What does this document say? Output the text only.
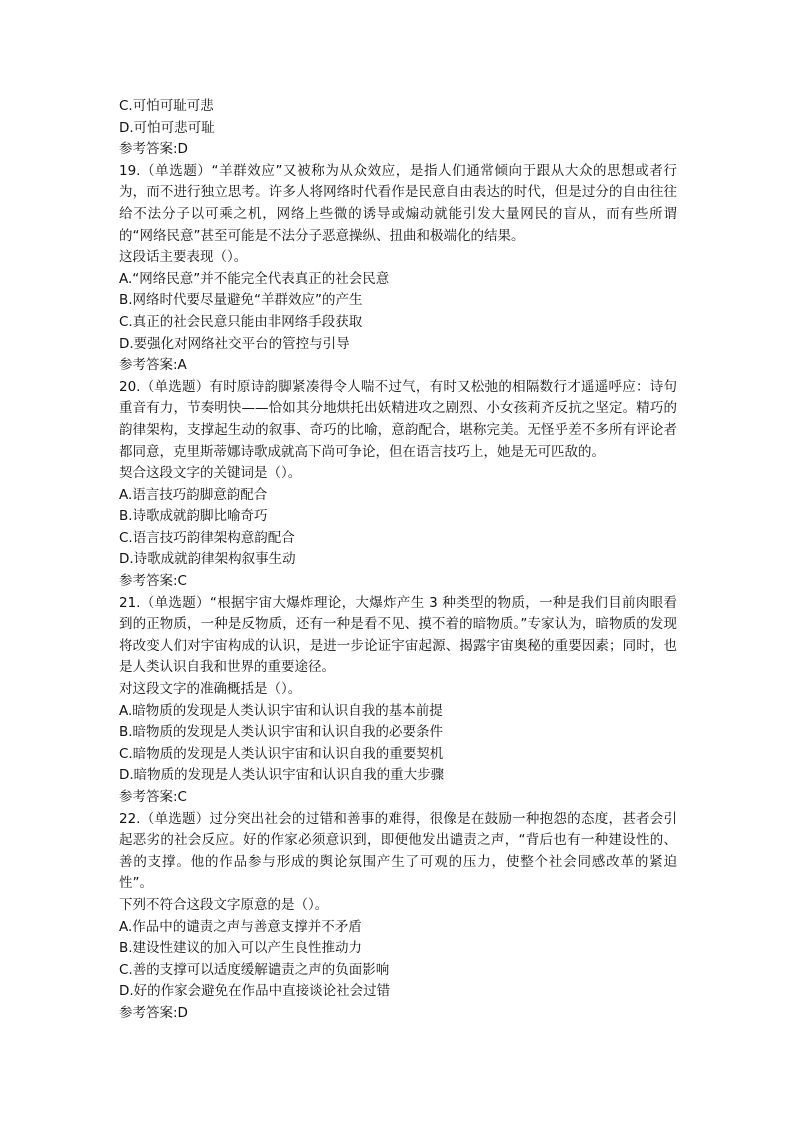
C.可怕可耻可悲
D.可怕可悲可耻
参考答案:D
19.（单选题）“羊群效应”又被称为从众效应，是指人们通常倾向于跟从大众的思想或者行为，而不进行独立思考。许多人将网络时代看作是民意自由表达的时代，但是过分的自由往往给不法分子以可乘之机，网络上些微的诱导或煽动就能引发大量网民的盲从，而有些所谓的“网络民意”甚至可能是不法分子恶意操纵、扭曲和极端化的结果。
这段话主要表现（）。
A.“网络民意”并不能完全代表真正的社会民意
B.网络时代要尽量避免“羊群效应”的产生
C.真正的社会民意只能由非网络手段获取
D.要强化对网络社交平台的管控与引导
参考答案:A
20.（单选题）有时原诗韵脚紧凑得令人喘不过气，有时又松弛的相隔数行才遥遥呼应：诗句重音有力，节奏明快——恰如其分地烘托出妖精进攻之剧烈、小女孩莉齐反抗之坚定。精巧的韵律架构，支撑起生动的叙事、奇巧的比喻，意韵配合，堪称完美。无怪乎差不多所有评论者都同意，克里斯蒂娜诗歌成就高下尚可争论，但在语言技巧上，她是无可匹敌的。
契合这段文字的关键词是（）。
A.语言技巧韵脚意韵配合
B.诗歌成就韵脚比喻奇巧
C.语言技巧韵律架构意韵配合
D.诗歌成就韵律架构叙事生动
参考答案:C
21.（单选题）“根据宇宙大爆炸理论，大爆炸产生 3 种类型的物质，一种是我们目前肉眼看到的正物质，一种是反物质，还有一种是看不见、摸不着的暗物质。”专家认为，暗物质的发现将改变人们对宇宙构成的认识，是进一步论证宇宙起源、揭露宇宙奥秘的重要因素；同时，也是人类认识自我和世界的重要途径。
对这段文字的准确概括是（）。
A.暗物质的发现是人类认识宇宙和认识自我的基本前提
B.暗物质的发现是人类认识宇宙和认识自我的必要条件
C.暗物质的发现是人类认识宇宙和认识自我的重要契机
D.暗物质的发现是人类认识宇宙和认识自我的重大步骤
参考答案:C
22.（单选题）过分突出社会的过错和善事的难得，很像是在鼓励一种抱怨的态度，甚者会引起恶劣的社会反应。好的作家必须意识到，即便他发出谴责之声，“背后也有一种建设性的、善的支撑。他的作品参与形成的舆论氛围产生了可观的压力，使整个社会同感改革的紧迫性”。
下列不符合这段文字原意的是（）。
A.作品中的谴责之声与善意支撑并不矛盾
B.建设性建议的加入可以产生良性推动力
C.善的支撑可以适度缓解谴责之声的负面影响
D.好的作家会避免在作品中直接谈论社会过错
参考答案:D
